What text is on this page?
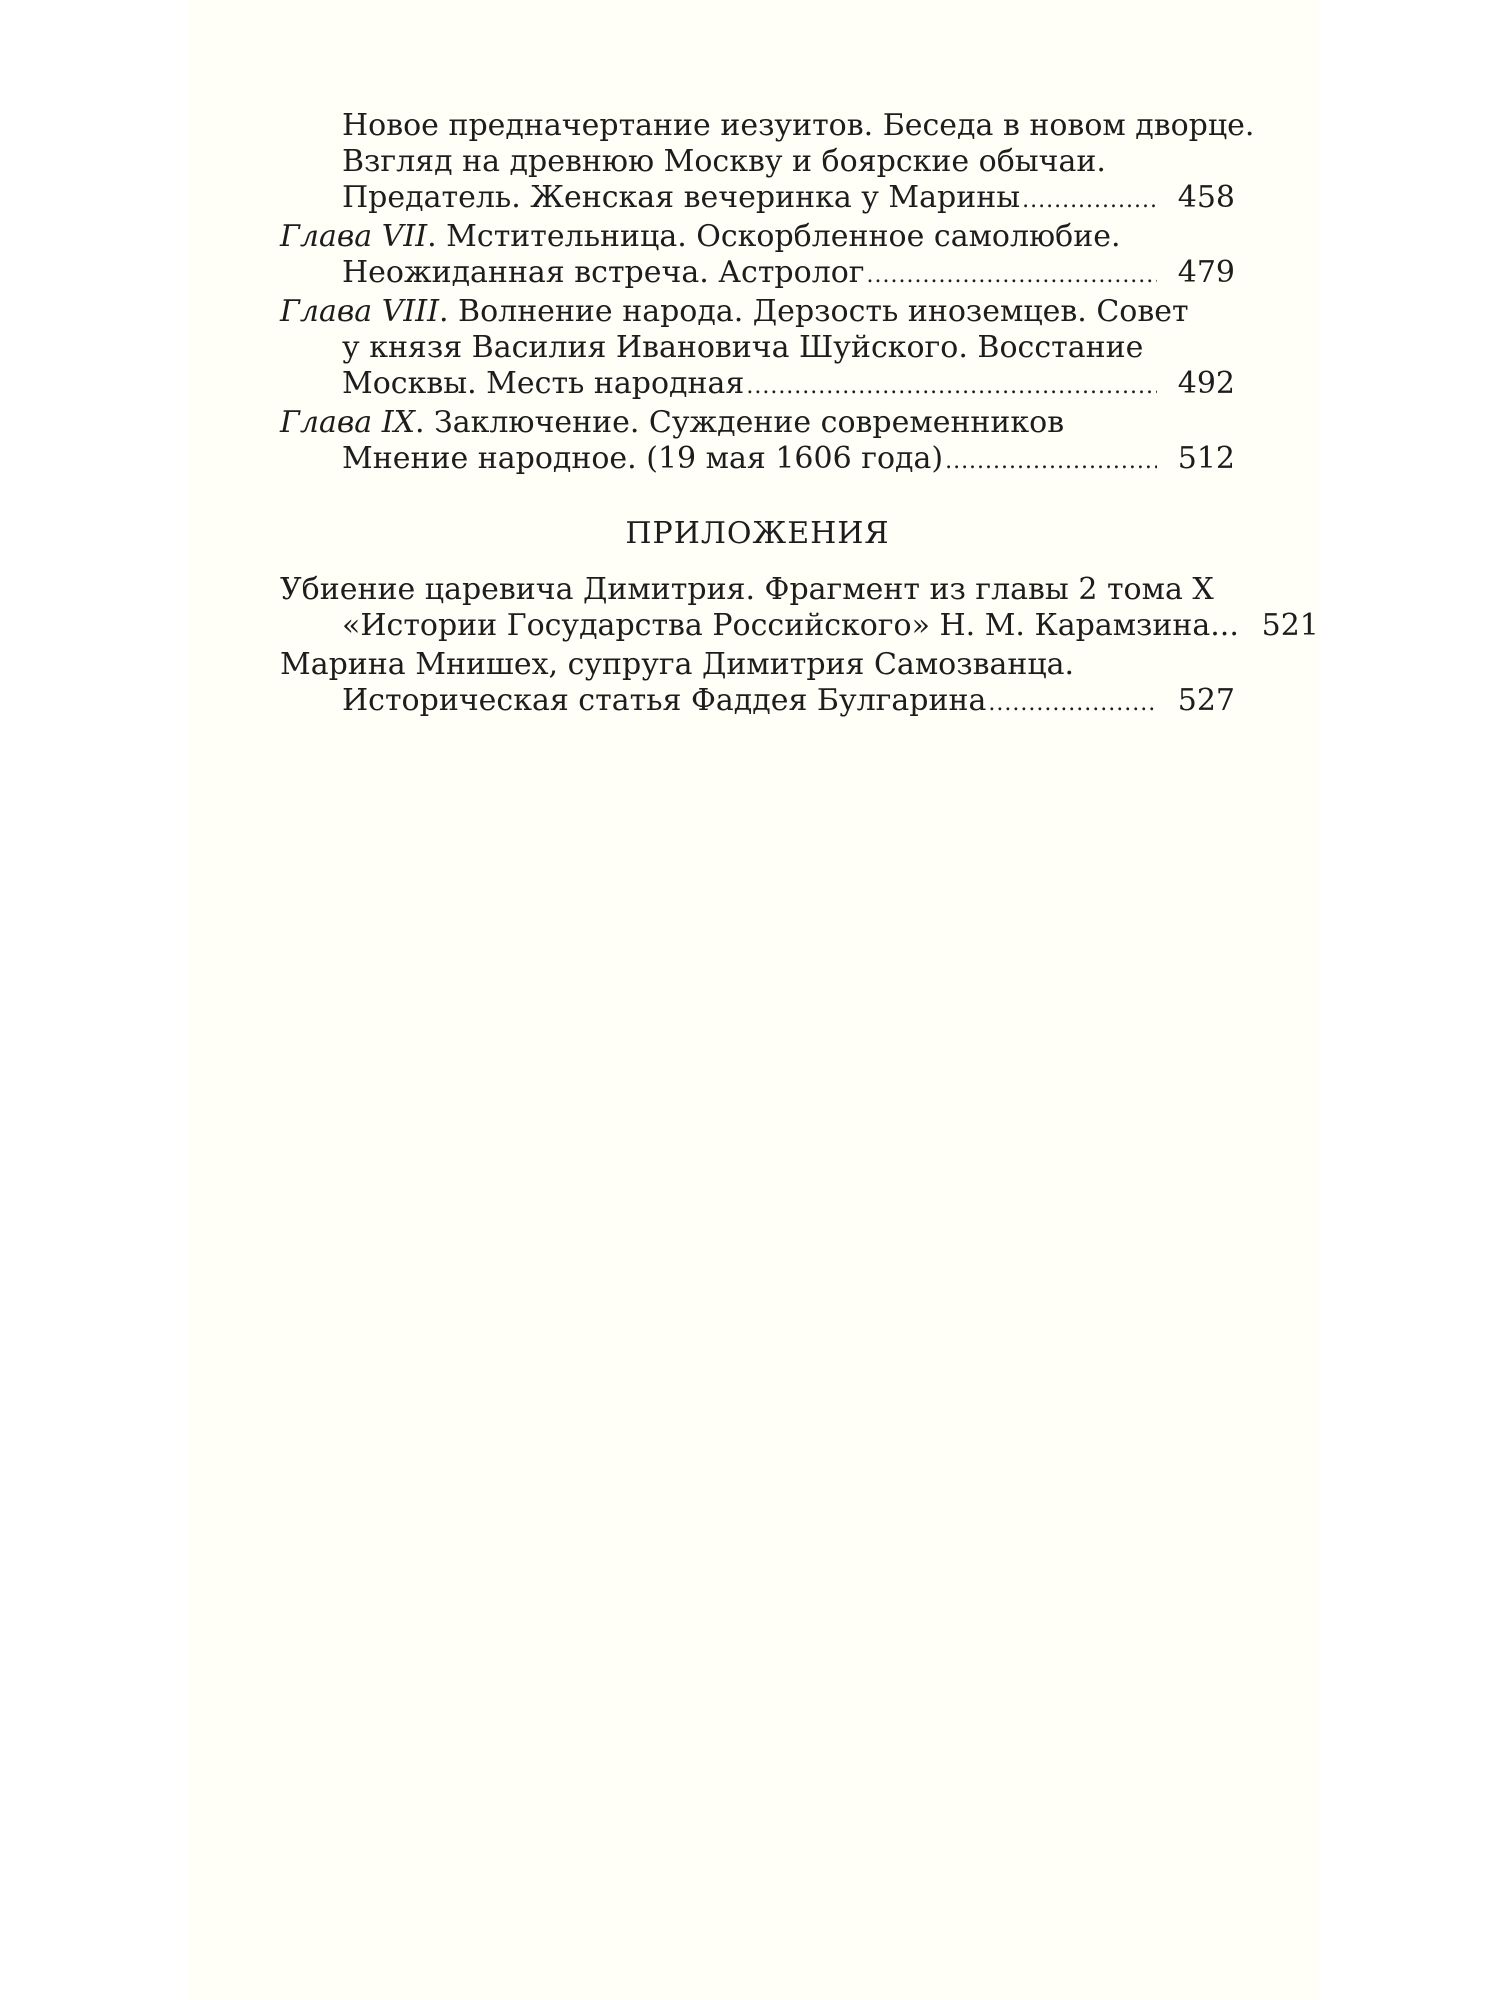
Новое предначертание иезуитов. Беседа в новом дворце.
Взгляд на древнюю Москву и боярские обычаи.
Предатель. Женская вечеринка у Марины .....	458
Глава VII. Мстительница. Оскорбленное самолюбие.
Неожиданная встреча. Астролог .....	479
Глава VIII. Волнение народа. Дерзость иноземцев. Совет
у князя Василия Ивановича Шуйского. Восстание
Москвы. Месть народная .....	492
Глава IX. Заключение. Суждение современников
Мнение народное. (19 мая 1606 года) .....	512
ПРИЛОЖЕНИЯ
Убиение царевича Димитрия. Фрагмент из главы 2 тома X
«Истории Государства Российского» Н. М. Карамзина... 521
Марина Мнишех, супруга Димитрия Самозванца.
Историческая статья Фаддея Булгарина .....	527
